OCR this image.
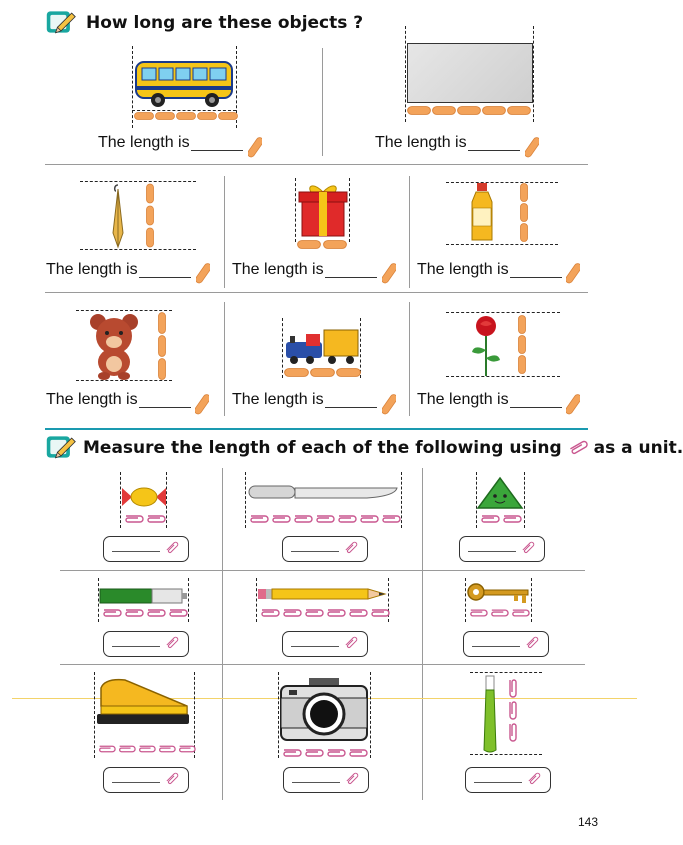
How long are these objects ?
The length is	The length is
The length is	The length is	The length is
The length is	The length is	The length is
Measure the length of each of the following using as a unit.
143
